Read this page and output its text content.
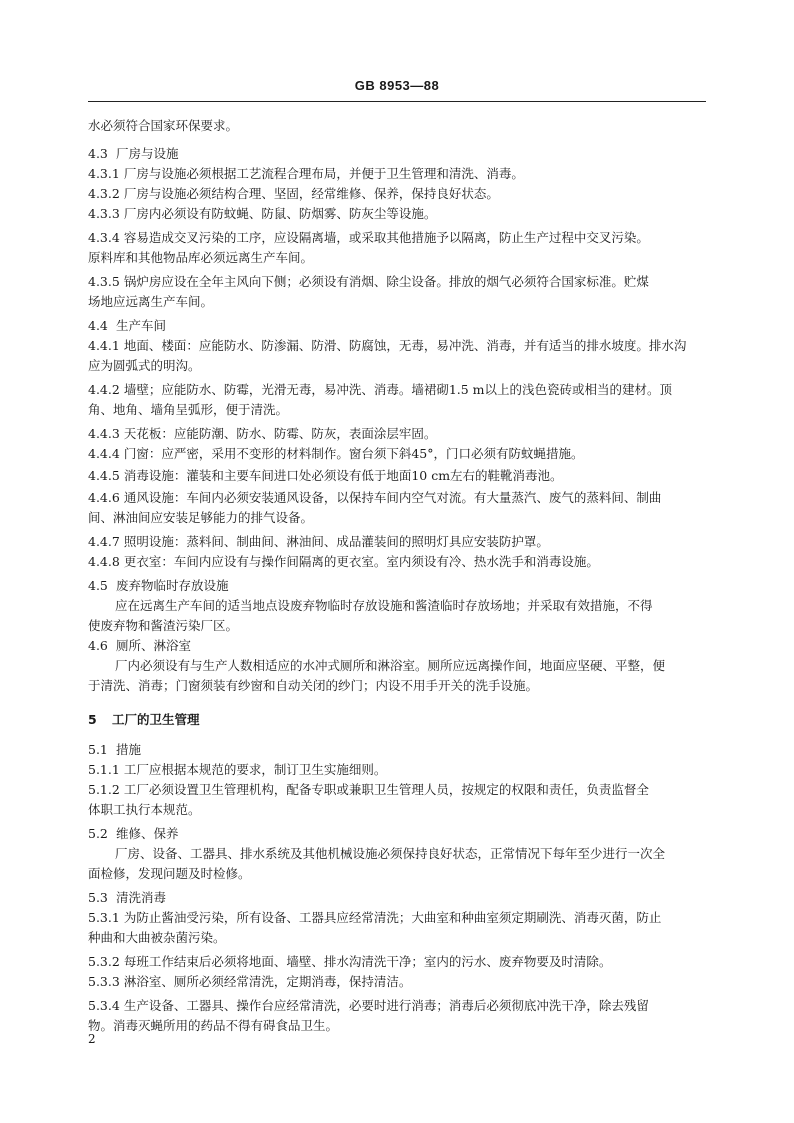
GB 8953—88
水必须符合国家环保要求。
4.3 厂房与设施
4.3.1 厂房与设施必须根据工艺流程合理布局，并便于卫生管理和清洗、消毒。
4.3.2 厂房与设施必须结构合理、坚固，经常维修、保养，保持良好状态。
4.3.3 厂房内必须设有防蚊蝇、防鼠、防烟雾、防灰尘等设施。
4.3.4 容易造成交叉污染的工序，应设隔离墙，或采取其他措施予以隔离，防止生产过程中交叉污染。
原料库和其他物品库必须远离生产车间。
4.3.5 锅炉房应设在全年主风向下侧；必须设有消烟、除尘设备。排放的烟气必须符合国家标准。贮煤
场地应远离生产车间。
4.4 生产车间
4.4.1 地面、楼面：应能防水、防渗漏、防滑、防腐蚀，无毒，易冲洗、消毒，并有适当的排水坡度。排水沟
应为圆弧式的明沟。
4.4.2 墙壁；应能防水、防霉，光滑无毒，易冲洗、消毒。墙裙砌1.5 m以上的浅色瓷砖或相当的建材。顶
角、地角、墙角呈弧形，便于清洗。
4.4.3 天花板：应能防潮、防水、防霉、防灰，表面涂层牢固。
4.4.4 门窗：应严密，采用不变形的材料制作。窗台须下斜45°，门口必须有防蚊蝇措施。
4.4.5 消毒设施：灌装和主要车间进口处必须设有低于地面10 cm左右的鞋靴消毒池。
4.4.6 通风设施：车间内必须安装通风设备，以保持车间内空气对流。有大量蒸汽、废气的蒸料间、制曲
间、淋油间应安装足够能力的排气设备。
4.4.7 照明设施：蒸料间、制曲间、淋油间、成品灌装间的照明灯具应安装防护罩。
4.4.8 更衣室：车间内应设有与操作间隔离的更衣室。室内须设有冷、热水洗手和消毒设施。
4.5 废弃物临时存放设施
应在远离生产车间的适当地点设废弃物临时存放设施和酱渣临时存放场地；并采取有效措施，不得
使废弃物和酱渣污染厂区。
4.6 厕所、淋浴室
厂内必须设有与生产人数相适应的水冲式厕所和淋浴室。厕所应远离操作间，地面应坚硬、平整，便
于清洗、消毒；门窗须装有纱窗和自动关闭的纱门；内设不用手开关的洗手设施。
5 工厂的卫生管理
5.1 措施
5.1.1 工厂应根据本规范的要求，制订卫生实施细则。
5.1.2 工厂必须设置卫生管理机构，配备专职或兼职卫生管理人员，按规定的权限和责任，负责监督全
体职工执行本规范。
5.2 维修、保养
厂房、设备、工器具、排水系统及其他机械设施必须保持良好状态，正常情况下每年至少进行一次全
面检修，发现问题及时检修。
5.3 清洗消毒
5.3.1 为防止酱油受污染，所有设备、工器具应经常清洗；大曲室和种曲室须定期刷洗、消毒灭菌，防止
种曲和大曲被杂菌污染。
5.3.2 每班工作结束后必须将地面、墙壁、排水沟清洗干净；室内的污水、废弃物要及时清除。
5.3.3 淋浴室、厕所必须经常清洗，定期消毒，保持清洁。
5.3.4 生产设备、工器具、操作台应经常清洗，必要时进行消毒；消毒后必须彻底冲洗干净，除去残留
物。消毒灭蝇所用的药品不得有碍食品卫生。
2
